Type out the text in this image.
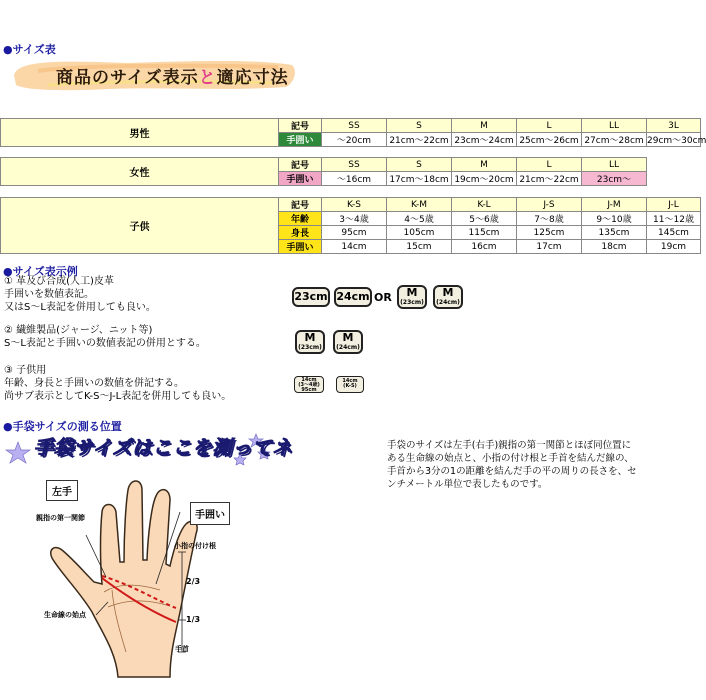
●サイズ表
商品のサイズ表示と適応寸法
男性	記号	SS	S	M	L	LL	3L
	手囲い	～20cm	21cm～22cm	23cm～24cm	25cm～26cm	27cm～28cm	29cm～30cm
女性	記号	SS	S	M	L	LL
	手囲い	～16cm	17cm～18cm	19cm～20cm	21cm～22cm	23cm～
子供	記号	K-S	K-M	K-L	J-S	J-M	J-L
	年齢	3～4歳	4～5歳	5～6歳	7～8歳	9～10歳	11～12歳
	身長	95cm	105cm	115cm	125cm	135cm	145cm
	手囲い	14cm	15cm	16cm	17cm	18cm	19cm
●サイズ表示例
① 革及び合成(人工)皮革
手囲いを数値表記。
又はS～L表記を併用しても良い。
② 繊維製品(ジャージ、ニット等)
S～L表記と手囲いの数値表記の併用とする。
③ 子供用
年齢、身長と手囲いの数値を併記する。
尚サブ表示としてK-S～J-L表記を併用しても良い。
23cm 24cm OR	M
(23cm)
M
(24cm)
M
(23cm)
M
(24cm)
14cm
(3～4歳)
95cm
14cm
(K-S)
●手袋サイズの測る位置
手袋サイズはここを測ってネ
左手
親指の第一関節	手囲い
小指の付け根
2/3
1/3
生命線の始点
手首
手袋のサイズは左手(右手)親指の第一関節とほぼ同位置にある生命線の始点と、小指の付け根と手首を結んだ線の、手首から3分の1の距離を結んだ手の平の周りの長さを、センチメートル単位で表したものです。
